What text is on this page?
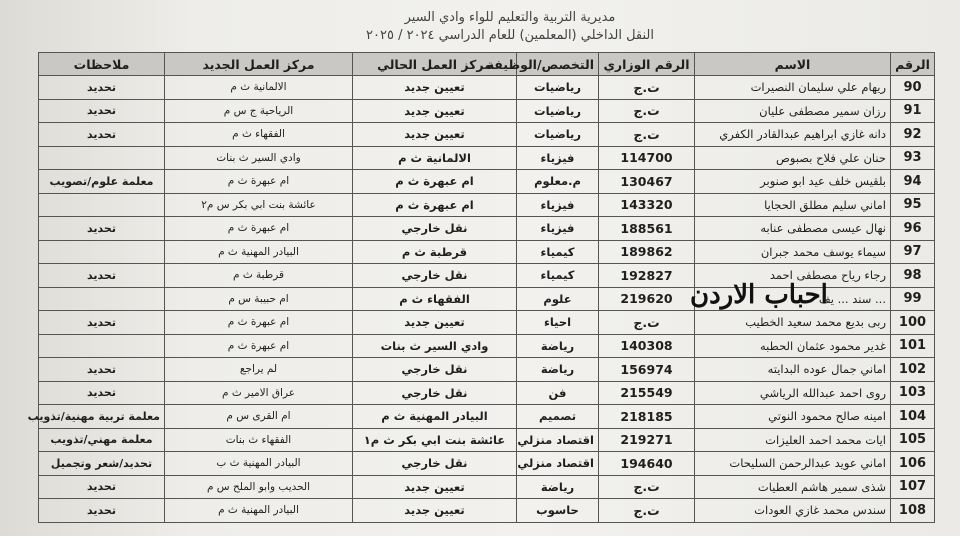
مديرية التربية والتعليم للواء وادي السير
النقل الداخلي (المعلمين) للعام الدراسي ٢٠٢٤ / ٢٠٢٥
الرقم	الاسم	الرقم الوزاري	التخصص/الوظيفة	مركز العمل الحالي	مركز العمل الجديد	ملاحظات
90	ريهام علي سليمان النصيرات	ت.ج	رياضيات	تعيين جديد	الالمانية ث م	تحديد
91	رزان سمير مصطفى عليان	ت.ج	رياضيات	تعيين جديد	الرياحية ج س م	تحديد
92	دانه غازي ابراهيم عبدالقادر الكفري	ت.ج	رياضيات	تعيين جديد	الفقهاء ث م	تحديد
93	حنان علي فلاح بصبوص	114700	فيزياء	الالمانية ث م	وادي السير ث بنات	
94	بلقيس خلف عيد ابو صنوبر	130467	م.معلوم	ام عبهرة ث م	ام عبهرة ث م	معلمة علوم/تصويب
95	اماني سليم مطلق الحجايا	143320	فيزياء	ام عبهرة ث م	عائشة بنت ابي بكر س م٢	
96	نهال عيسى مصطفى عنابه	188561	فيزياء	نقل خارجي	ام عبهرة ث م	تحديد
97	سيماء يوسف محمد جبران	189862	كيمياء	قرطبة ث م	البيادر المهنية ث م	
98	رجاء رياح مصطفى احمد	192827	كيمياء	نقل خارجي	قرطبة ث م	تحديد
99	... سند ... يف	219620	علوم	الفقهاء ث م	ام حبيبة س م	
100	ربى بديع محمد سعيد الخطيب	ت.ج	احياء	تعيين جديد	ام عبهرة ث م	تحديد
101	غدير محمود عثمان الحطبه	140308	رياضة	وادي السير ث بنات	ام عبهرة ث م	
102	اماني جمال عوده البدايته	156974	رياضة	نقل خارجي	لم يراجع	تحديد
103	روى احمد عبدالله الرياشي	215549	فن	نقل خارجي	عراق الامير ث م	تحديد
104	امينه صالح محمود النوتي	218185	تصميم	البيادر المهنية ث م	ام القرى س م	معلمة تربية مهنية/تذويب
105	ايات محمد احمد العليزات	219271	اقتصاد منزلي	عائشة بنت ابي بكر ث م١	الفقهاء ث بنات	معلمة مهني/تذويب
106	اماني عويد عبدالرحمن السليحات	194640	اقتصاد منزلي	نقل خارجي	البيادر المهنية ث ب	تحديد/شعر وتجميل
107	شذى سمير هاشم العطيات	ت.ج	رياضة	تعيين جديد	الحديب وابو الملح س م	تحديد
108	سندس محمد غازي العودات	ت.ج	حاسوب	تعيين جديد	البيادر المهنية ث م	تحديد
احباب الاردن
